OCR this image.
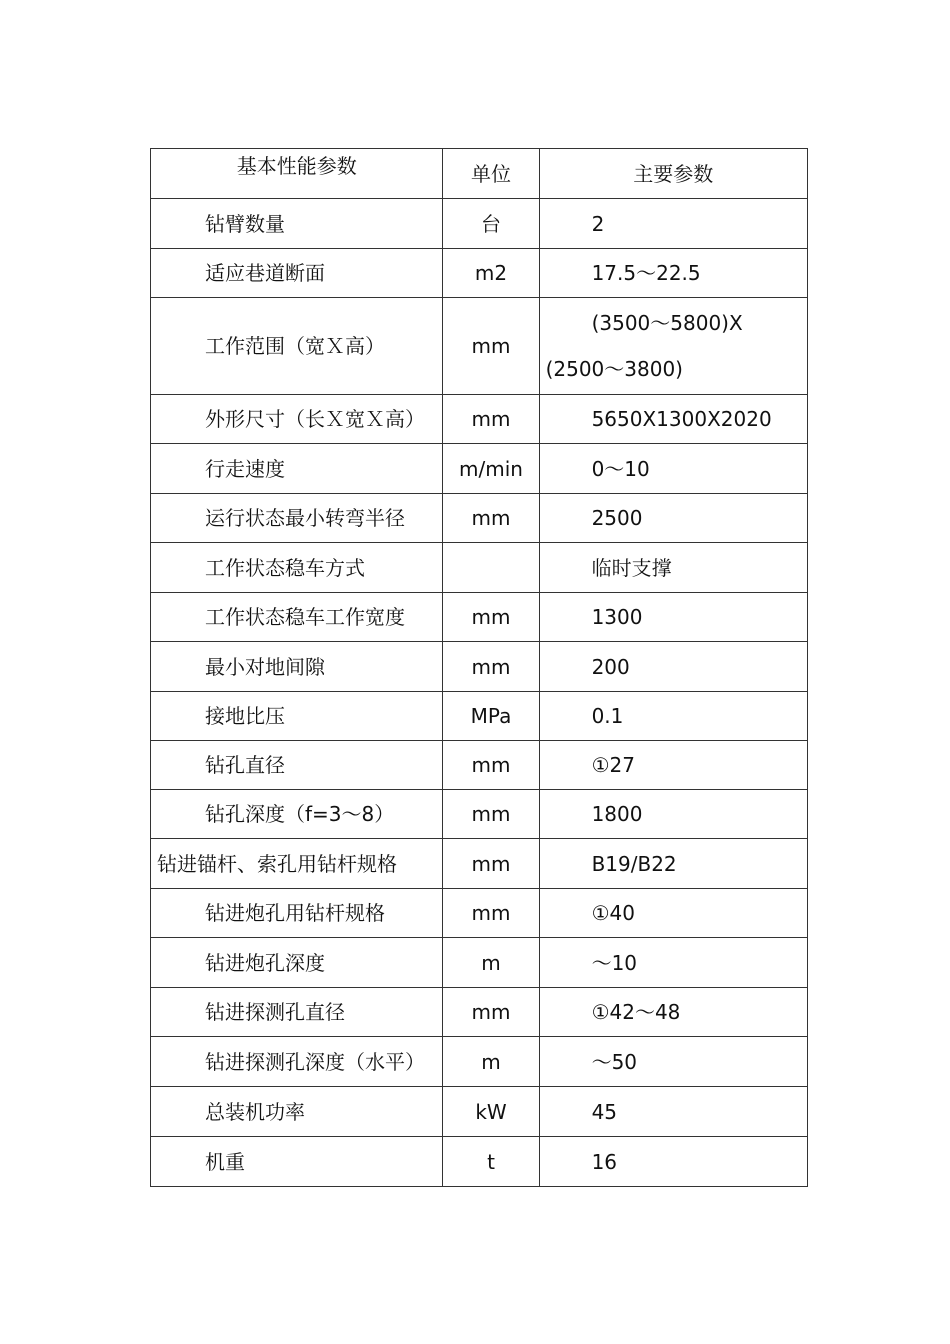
基本性能参数	单位	主要参数
钻臂数量	台	2
适应巷道断面	m2	17.5〜22.5
工作范围（宽Ｘ高）	mm	(3500〜5800)X
(2500〜3800)

外形尺寸（长Ｘ宽Ｘ高）	mm	5650X1300X2020
行走速度	m/min	0〜10
运行状态最小转弯半径	mm	2500
工作状态稳车方式		临时支撑
工作状态稳车工作宽度	mm	1300
最小对地间隙	mm	200
接地比压	MPa	0.1
钻孔直径	mm	①27
钻孔深度（f=3〜8）	mm	1800
钻进锚杆、索孔用钻杆规格	mm	B19/B22
钻进炮孔用钻杆规格	mm	①40
钻进炮孔深度	m	〜10
钻进探测孔直径	mm	①42〜48
钻进探测孔深度（水平）	m	〜50
总装机功率	kW	45
机重	t	16
